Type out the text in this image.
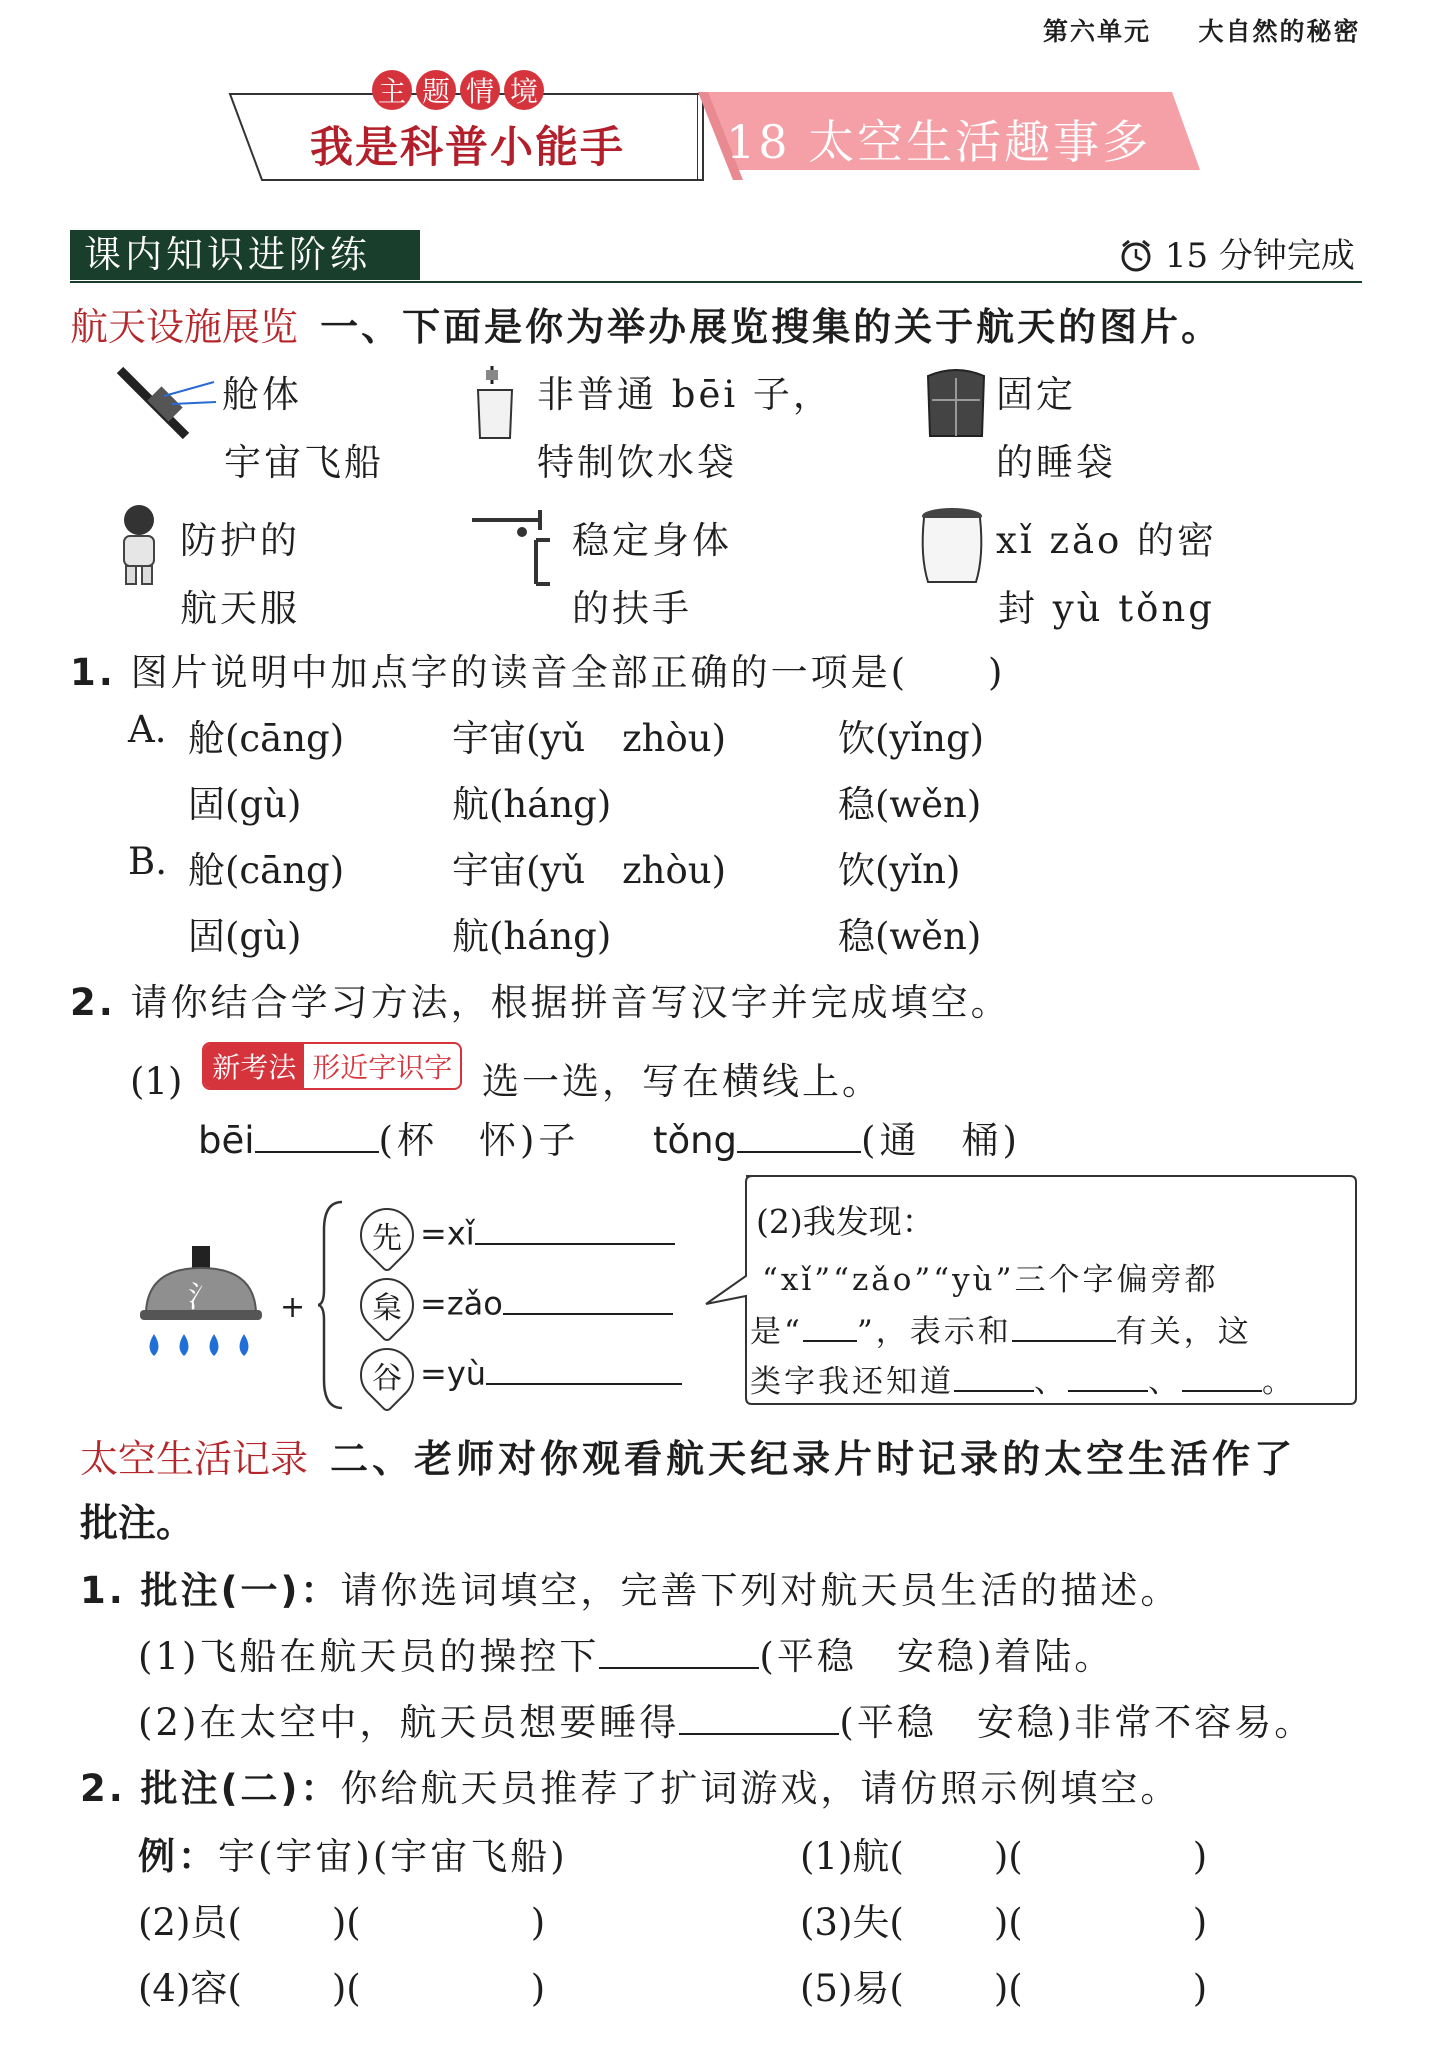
第六单元 大自然的秘密
主 题 情 境
我是科普小能手 18 太空生活趣事多
课内知识进阶练	15 分钟完成
航天设施展览 一、下面是你为举办展览搜集的关于航天的图片。
舱体
宇宙飞船
非普通 bēi 子，
特制饮水袋
固定
的睡袋
防护的
航天服
稳定身体
的扶手
xǐ zǎo 的密
封 yù tǒng
1. 图片说明中加点字的读音全部正确的一项是(　　)
A. 舱(cāng)	宇宙(yǔ　zhòu)	饮(yǐng)
固(gù)	航(háng)	稳(wěn)
B. 舱(cāng)	宇宙(yǔ　zhòu)	饮(yǐn)
固(gù)	航(háng)	稳(wěn)
2. 请你结合学习方法，根据拼音写汉字并完成填空。
(1) 新考法 形近字识字 选一选，写在横线上。
bēi	(杯　怀)子 tǒng	(通　桶)
氵 +
先 =xǐ
枲 =zǎo
谷 =yù
(2)我发现：
“xǐ”“zǎo”“yù”三个字偏旁都
是“ ”，表示和	有关，这
类字我还知道	、	、	。
太空生活记录 二、老师对你观看航天纪录片时记录的太空生活作了
批注。
1. 批注(一)：请你选词填空，完善下列对航天员生活的描述。
(1)飞船在航天员的操控下	(平稳　安稳)着陆。
(2)在太空中，航天员想要睡得	(平稳　安稳)非常不容易。
2. 批注(二)：你给航天员推荐了扩词游戏，请仿照示例填空。
例：宇(宇宙)(宇宙飞船)	(1)航( )(	)
(2)员( )(	)	(3)失( )(	)
(4)容( )(	)	(5)易( )(	)
